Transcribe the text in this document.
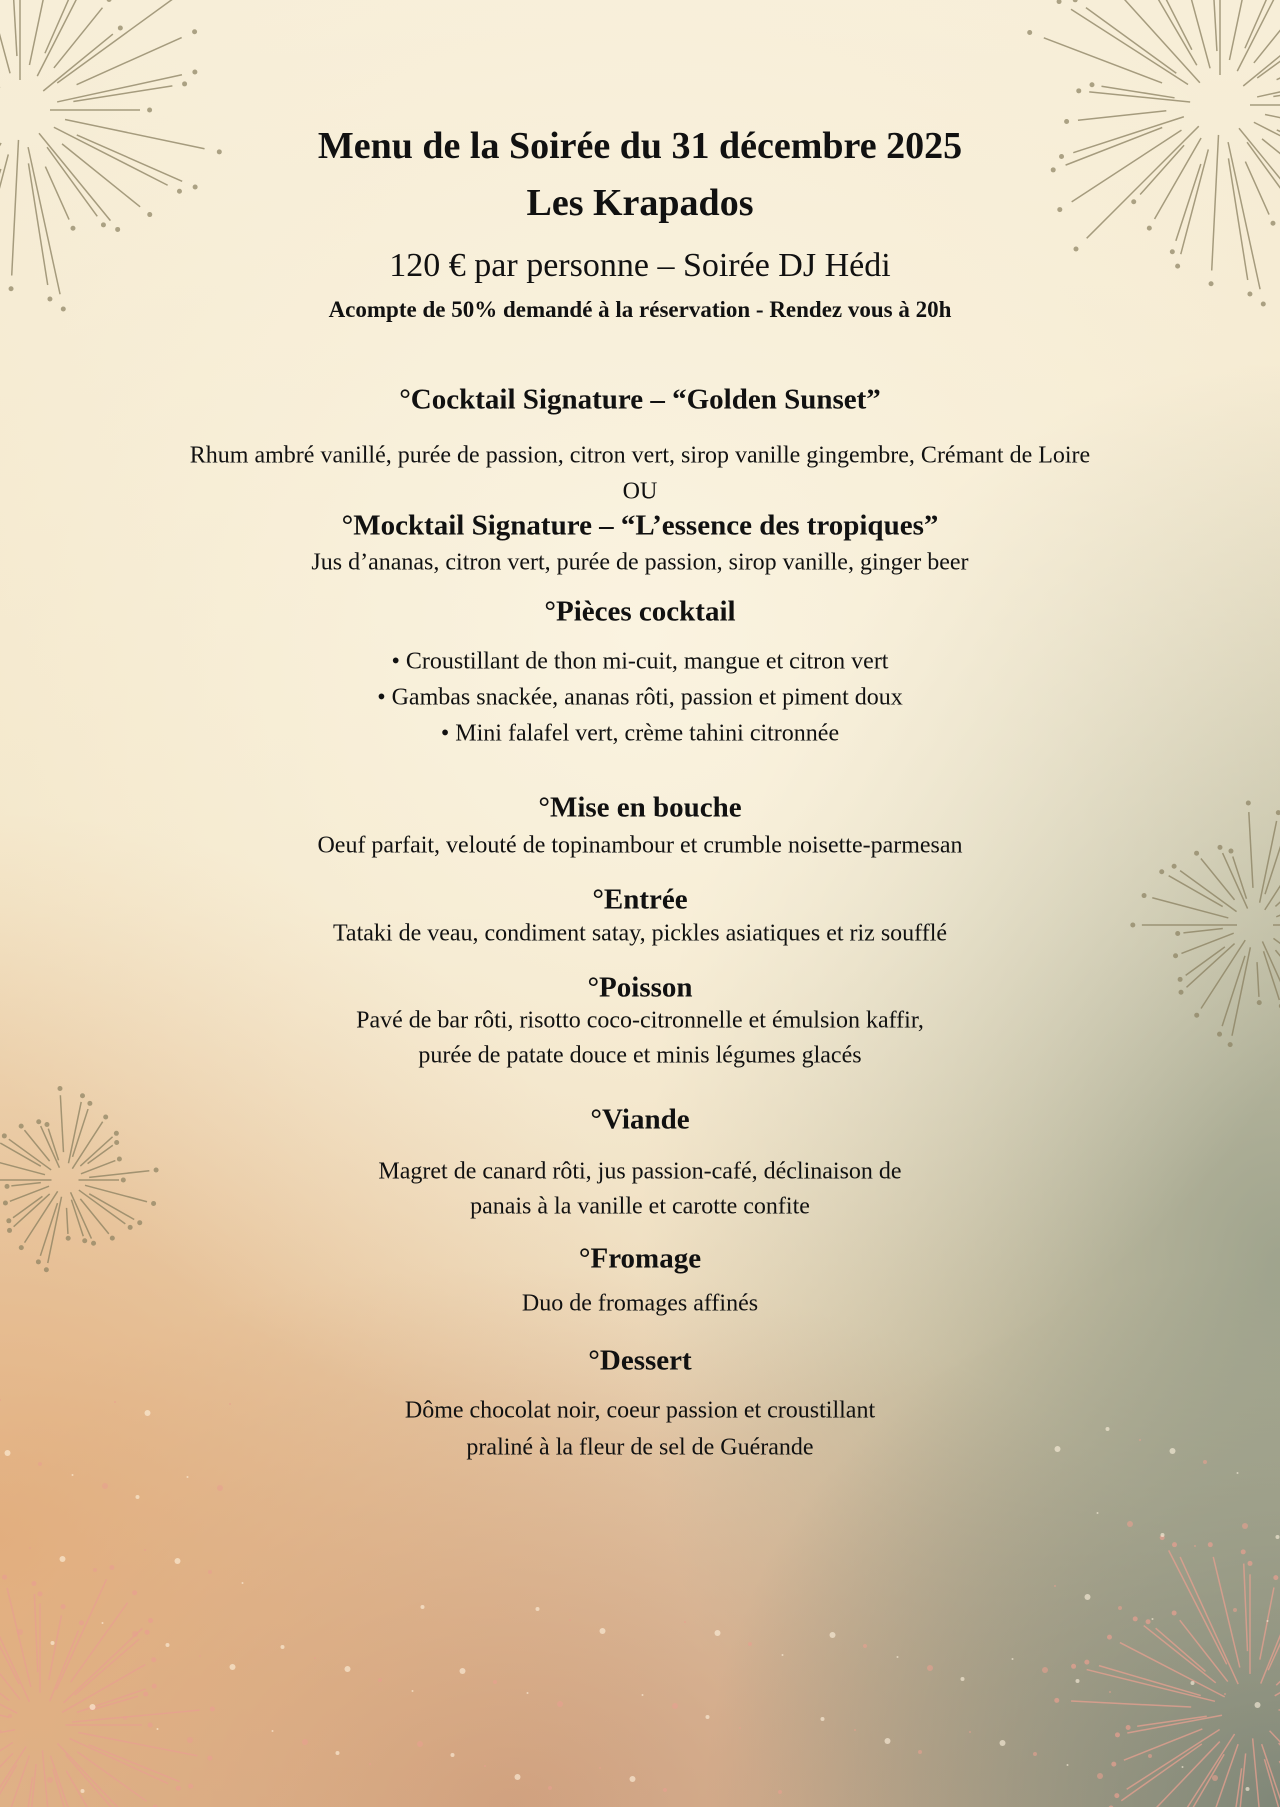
Menu de la Soirée du 31 décembre 2025
Les Krapados
120 € par personne – Soirée DJ Hédi
Acompte de 50% demandé à la réservation - Rendez vous à 20h
°Cocktail Signature – “Golden Sunset”
Rhum ambré vanillé, purée de passion, citron vert, sirop vanille gingembre, Crémant de Loire
OU
°Mocktail Signature – “L’essence des tropiques”
Jus d’ananas, citron vert, purée de passion, sirop vanille, ginger beer
°Pièces cocktail
• Croustillant de thon mi-cuit, mangue et citron vert
• Gambas snackée, ananas rôti, passion et piment doux
• Mini falafel vert, crème tahini citronnée
°Mise en bouche
Oeuf parfait, velouté de topinambour et crumble noisette-parmesan
°Entrée
Tataki de veau, condiment satay, pickles asiatiques et riz soufflé
°Poisson
Pavé de bar rôti, risotto coco-citronnelle et émulsion kaffir,
purée de patate douce et minis légumes glacés
°Viande
Magret de canard rôti, jus passion-café, déclinaison de
panais à la vanille et carotte confite
°Fromage
Duo de fromages affinés
°Dessert
Dôme chocolat noir, coeur passion et croustillant
praliné à la fleur de sel de Guérande
